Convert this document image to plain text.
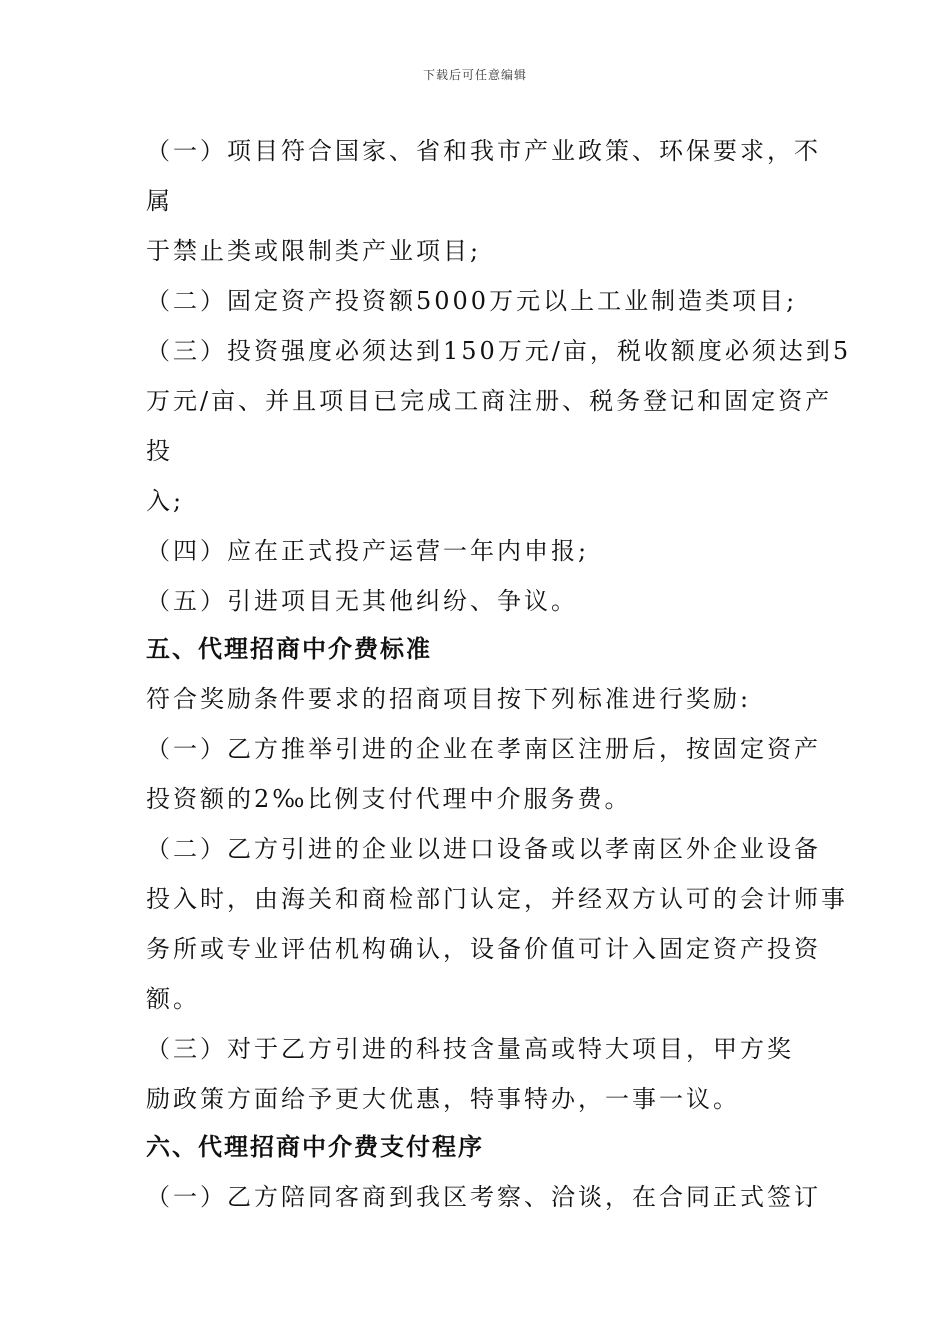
下载后可任意编辑
（一）项目符合国家、省和我市产业政策、环保要求，不
属
于禁止类或限制类产业项目;
（二）固定资产投资额5000万元以上工业制造类项目;
（三）投资强度必须达到150万元/亩，税收额度必须达到5
万元/亩、并且项目已完成工商注册、税务登记和固定资产
投
入;
（四）应在正式投产运营一年内申报;
（五）引进项目无其他纠纷、争议。
五、代理招商中介费标准
符合奖励条件要求的招商项目按下列标准进行奖励:
（一）乙方推举引进的企业在孝南区注册后，按固定资产
投资额的2‰比例支付代理中介服务费。
（二）乙方引进的企业以进口设备或以孝南区外企业设备
投入时，由海关和商检部门认定，并经双方认可的会计师事
务所或专业评估机构确认，设备价值可计入固定资产投资
额。
（三）对于乙方引进的科技含量高或特大项目，甲方奖
励政策方面给予更大优惠，特事特办，一事一议。
六、代理招商中介费支付程序
（一）乙方陪同客商到我区考察、洽谈，在合同正式签订
